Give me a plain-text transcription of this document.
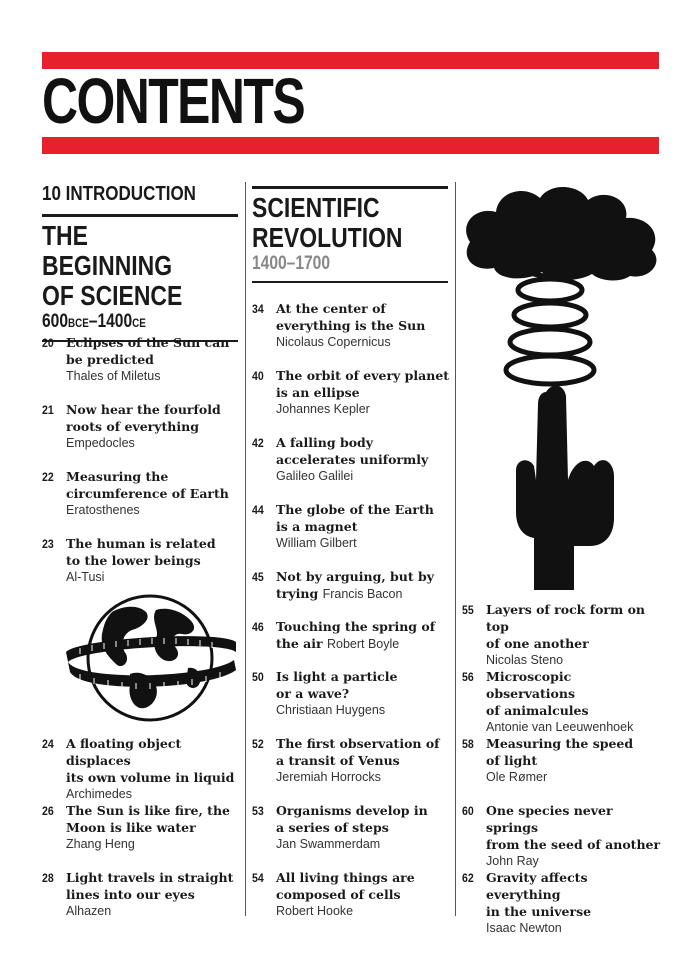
CONTENTS
10 INTRODUCTION
THE BEGINNING
OF SCIENCE
600BCE–1400CE
20 Eclipses of the Sun can
be predicted
Thales of Miletus
21 Now hear the fourfold
roots of everything
Empedocles
22 Measuring the
circumference of Earth
Eratosthenes
23 The human is related
to the lower beings
Al-Tusi
24 A floating object displaces
its own volume in liquid
Archimedes
26 The Sun is like fire, the
Moon is like water
Zhang Heng
28 Light travels in straight
lines into our eyes
Alhazen
SCIENTIFIC
REVOLUTION
1400–1700
34 At the center of
everything is the Sun
Nicolaus Copernicus
40 The orbit of every planet
is an ellipse
Johannes Kepler
42 A falling body
accelerates uniformly
Galileo Galilei
44 The globe of the Earth
is a magnet
William Gilbert
45 Not by arguing, but by
trying Francis Bacon
46 Touching the spring of
the air Robert Boyle
50 Is light a particle
or a wave?
Christiaan Huygens
52 The first observation of
a transit of Venus
Jeremiah Horrocks
53 Organisms develop in
a series of steps
Jan Swammerdam
54 All living things are
composed of cells
Robert Hooke
55 Layers of rock form on top
of one another
Nicolas Steno
56 Microscopic observations
of animalcules
Antonie van Leeuwenhoek
58 Measuring the speed
of light
Ole Rømer
60 One species never springs
from the seed of another
John Ray
62 Gravity affects everything
in the universe
Isaac Newton
